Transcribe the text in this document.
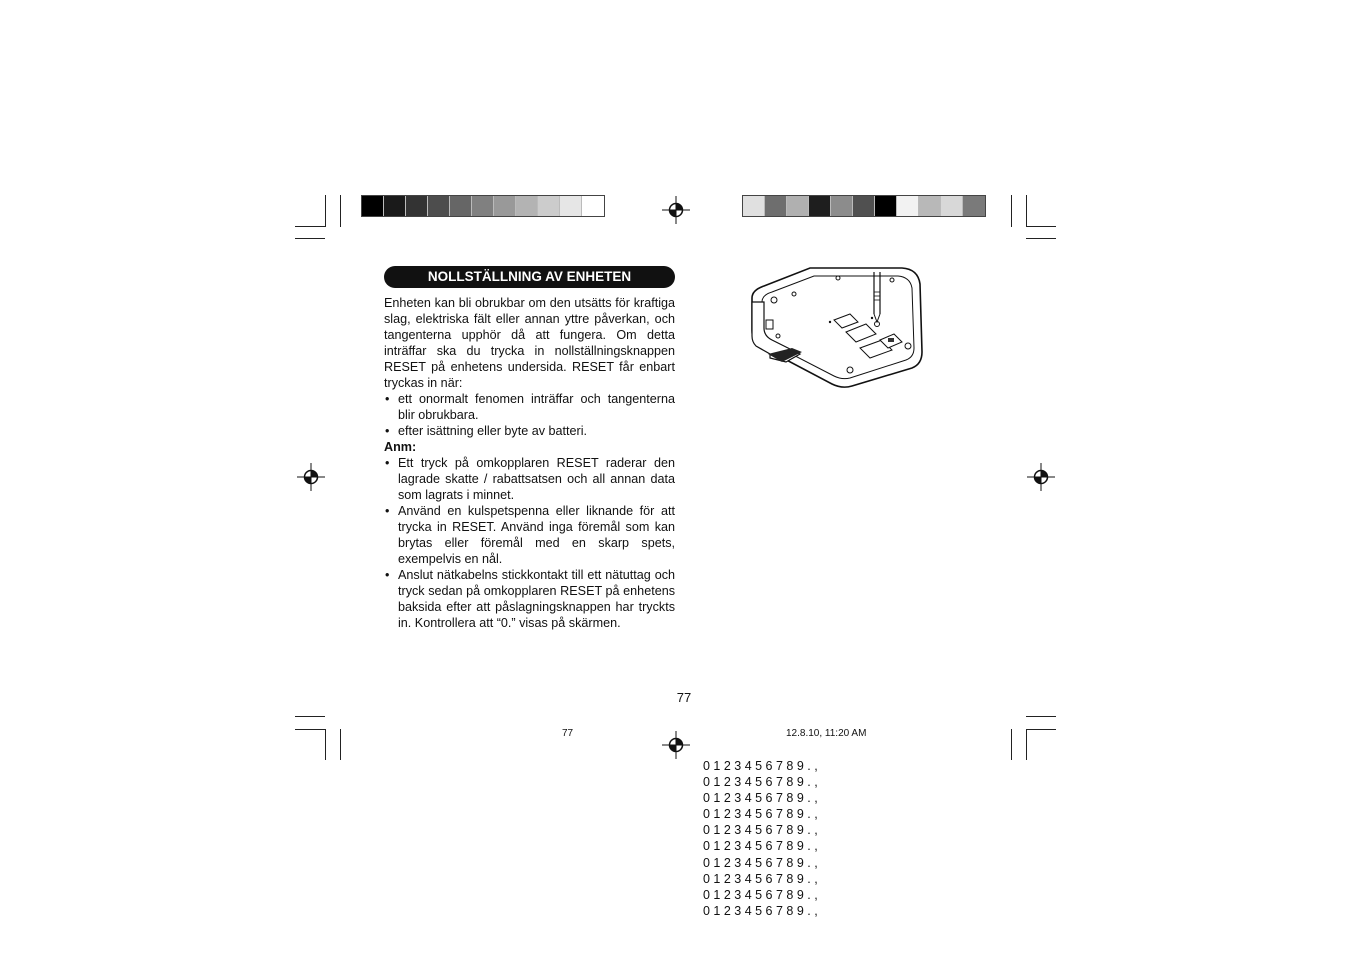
NOLLSTÄLLNING AV ENHETEN

Enheten kan bli obrukbar om den utsätts för kraftiga slag, elektriska fält eller annan yttre påverkan, och tangenterna upphör då att fungera. Om detta inträffar ska du trycka in nollställningsknappen RESET på enhetens undersida. RESET får enbart tryckas in när:

• ett onormalt fenomen inträffar och tangenterna blir obrukbara.
• efter isättning eller byte av batteri.

Anm:

• Ett tryck på omkopplaren RESET raderar den lagrade skatte / rabattsatsen och all annan data som lagrats i minnet.
• Använd en kulspetspenna eller liknande för att trycka in RESET. Använd inga föremål som kan brytas eller föremål med en skarp spets, exempelvis en nål.
• Anslut nätkabelns stickkontakt till ett nätuttag och tryck sedan på omkopplaren RESET på enhetens baksida efter att påslagningsknappen har tryckts in. Kontrollera att “0.” visas på skärmen.
77
77	12.8.10, 11:20 AM
0 1 2 3 4 5 6 7 8 9 . ,
0 1 2 3 4 5 6 7 8 9 . ,
0 1 2 3 4 5 6 7 8 9 . ,
0 1 2 3 4 5 6 7 8 9 . ,
0 1 2 3 4 5 6 7 8 9 . ,
0 1 2 3 4 5 6 7 8 9 . ,
0 1 2 3 4 5 6 7 8 9 . ,
0 1 2 3 4 5 6 7 8 9 . ,
0 1 2 3 4 5 6 7 8 9 . ,
0 1 2 3 4 5 6 7 8 9 . ,
